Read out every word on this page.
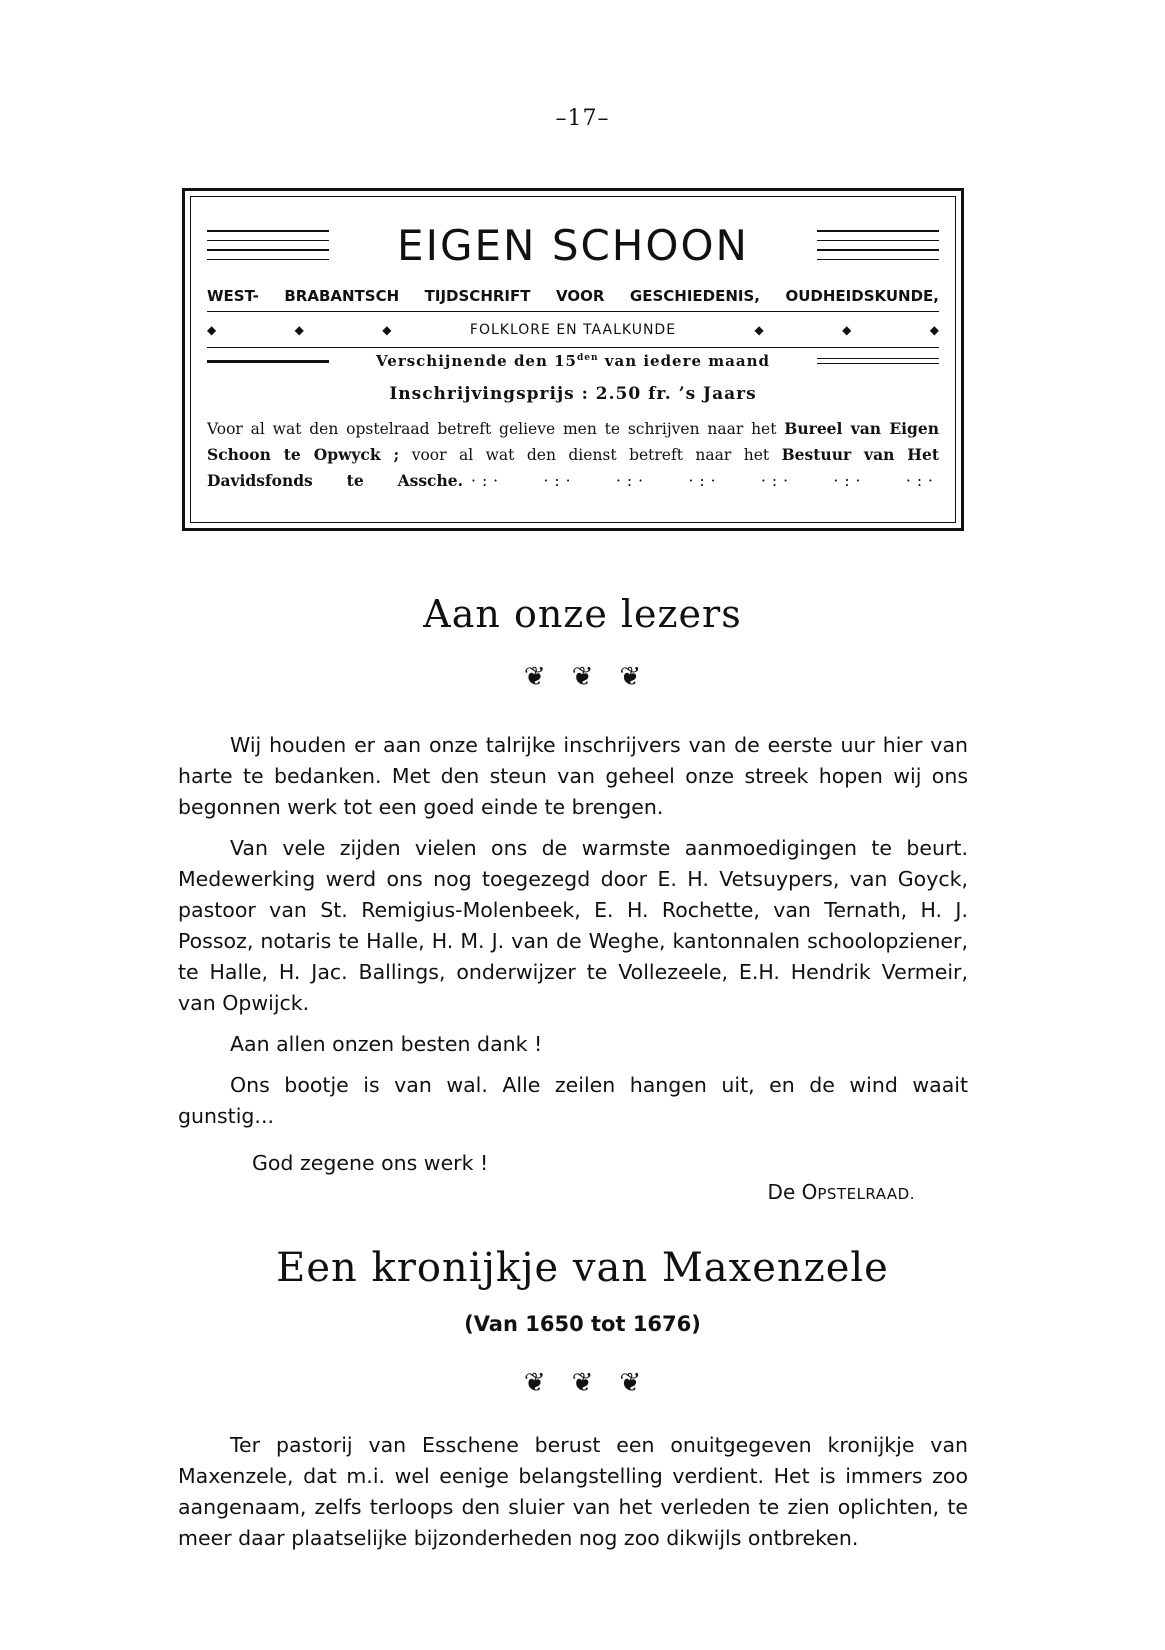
–17–
EIGEN SCHOON
WEST- BRABANTSCH TIJDSCHRIFT VOOR GESCHIEDENIS, OUDHEIDSKUNDE,
◆	◆	◆	FOLKLORE EN TAALKUNDE	◆	◆	◆
Verschijnende den $15^{den}$ van iedere maand
Inschrijvingsprijs : 2.50 fr. ’s Jaars
Voor al wat den opstelraad betreft gelieve men te schrijven naar het Bureel van Eigen Schoon te Opwyck ; voor al wat den dienst betreft naar het Bestuur van Het Davidsfonds te Assche. ·:· ·:· ·:· ·:· ·:· ·:· ·:·
Aan onze lezers
❦❦❦

Wij houden er aan onze talrijke inschrijvers van de eerste uur hier van harte te bedanken. Met den steun van geheel onze streek hopen wij ons begonnen werk tot een goed einde te brengen.

Van vele zijden vielen ons de warmste aanmoedigingen te beurt. Medewerking werd ons nog toegezegd door E. H. Vetsuypers, van Goyck, pastoor van St. Remigius-Molenbeek, E. H. Rochette, van Ternath, H. J. Possoz, notaris te Halle, H. M. J. van de Weghe, kantonnalen schoolopziener, te Halle, H. Jac. Ballings, onderwijzer te Vollezeele, E.H. Hendrik Vermeir, van Opwijck.

Aan allen onzen besten dank !

Ons bootje is van wal. Alle zeilen hangen uit, en de wind waait gunstig...

God zegene ons werk !
De OPSTELRAAD.
Een kronijkje van Maxenzele
(Van 1650 tot 1676)
❦❦❦

Ter pastorij van Esschene berust een onuitgegeven kronijkje van Maxenzele, dat m.i. wel eenige belangstelling verdient. Het is immers zoo aangenaam, zelfs terloops den sluier van het verleden te zien oplichten, te meer daar plaatselijke bijzonderheden nog zoo dikwijls ontbreken.
